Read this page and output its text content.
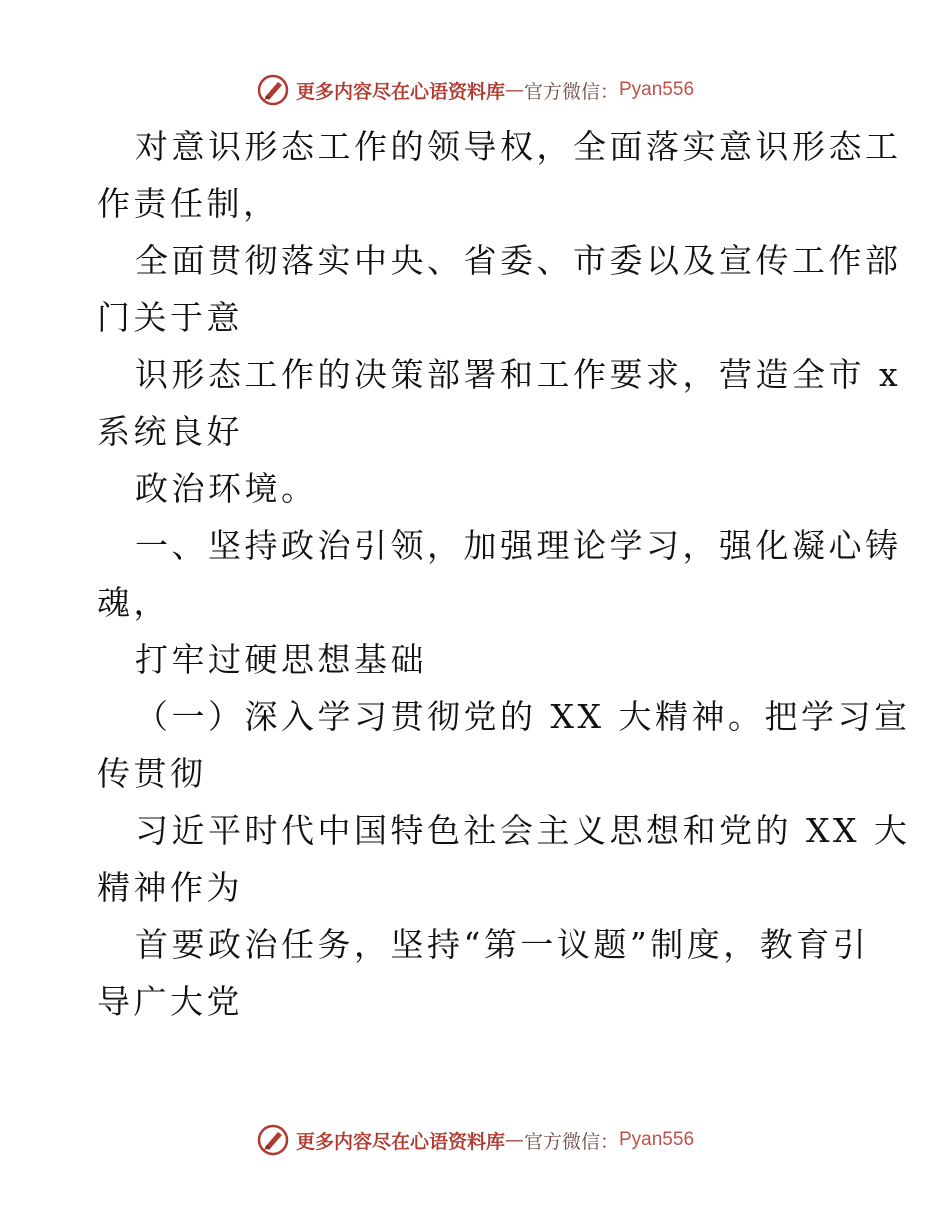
更多内容尽在心语资料库 — 官方微信： Pyan556
对意识形态工作的领导权，全面落实意识形态工
作责任制，
全面贯彻落实中央、省委、市委以及宣传工作部
门关于意
识形态工作的决策部署和工作要求，营造全市 x
系统良好
政治环境。
一、坚持政治引领，加强理论学习，强化凝心铸
魂，
打牢过硬思想基础
（一）深入学习贯彻党的 XX 大精神。把学习宣
传贯彻
习近平时代中国特色社会主义思想和党的 XX 大
精神作为
首要政治任务，坚持“第一议题”制度，教育引
导广大党
更多内容尽在心语资料库 — 官方微信： Pyan556
